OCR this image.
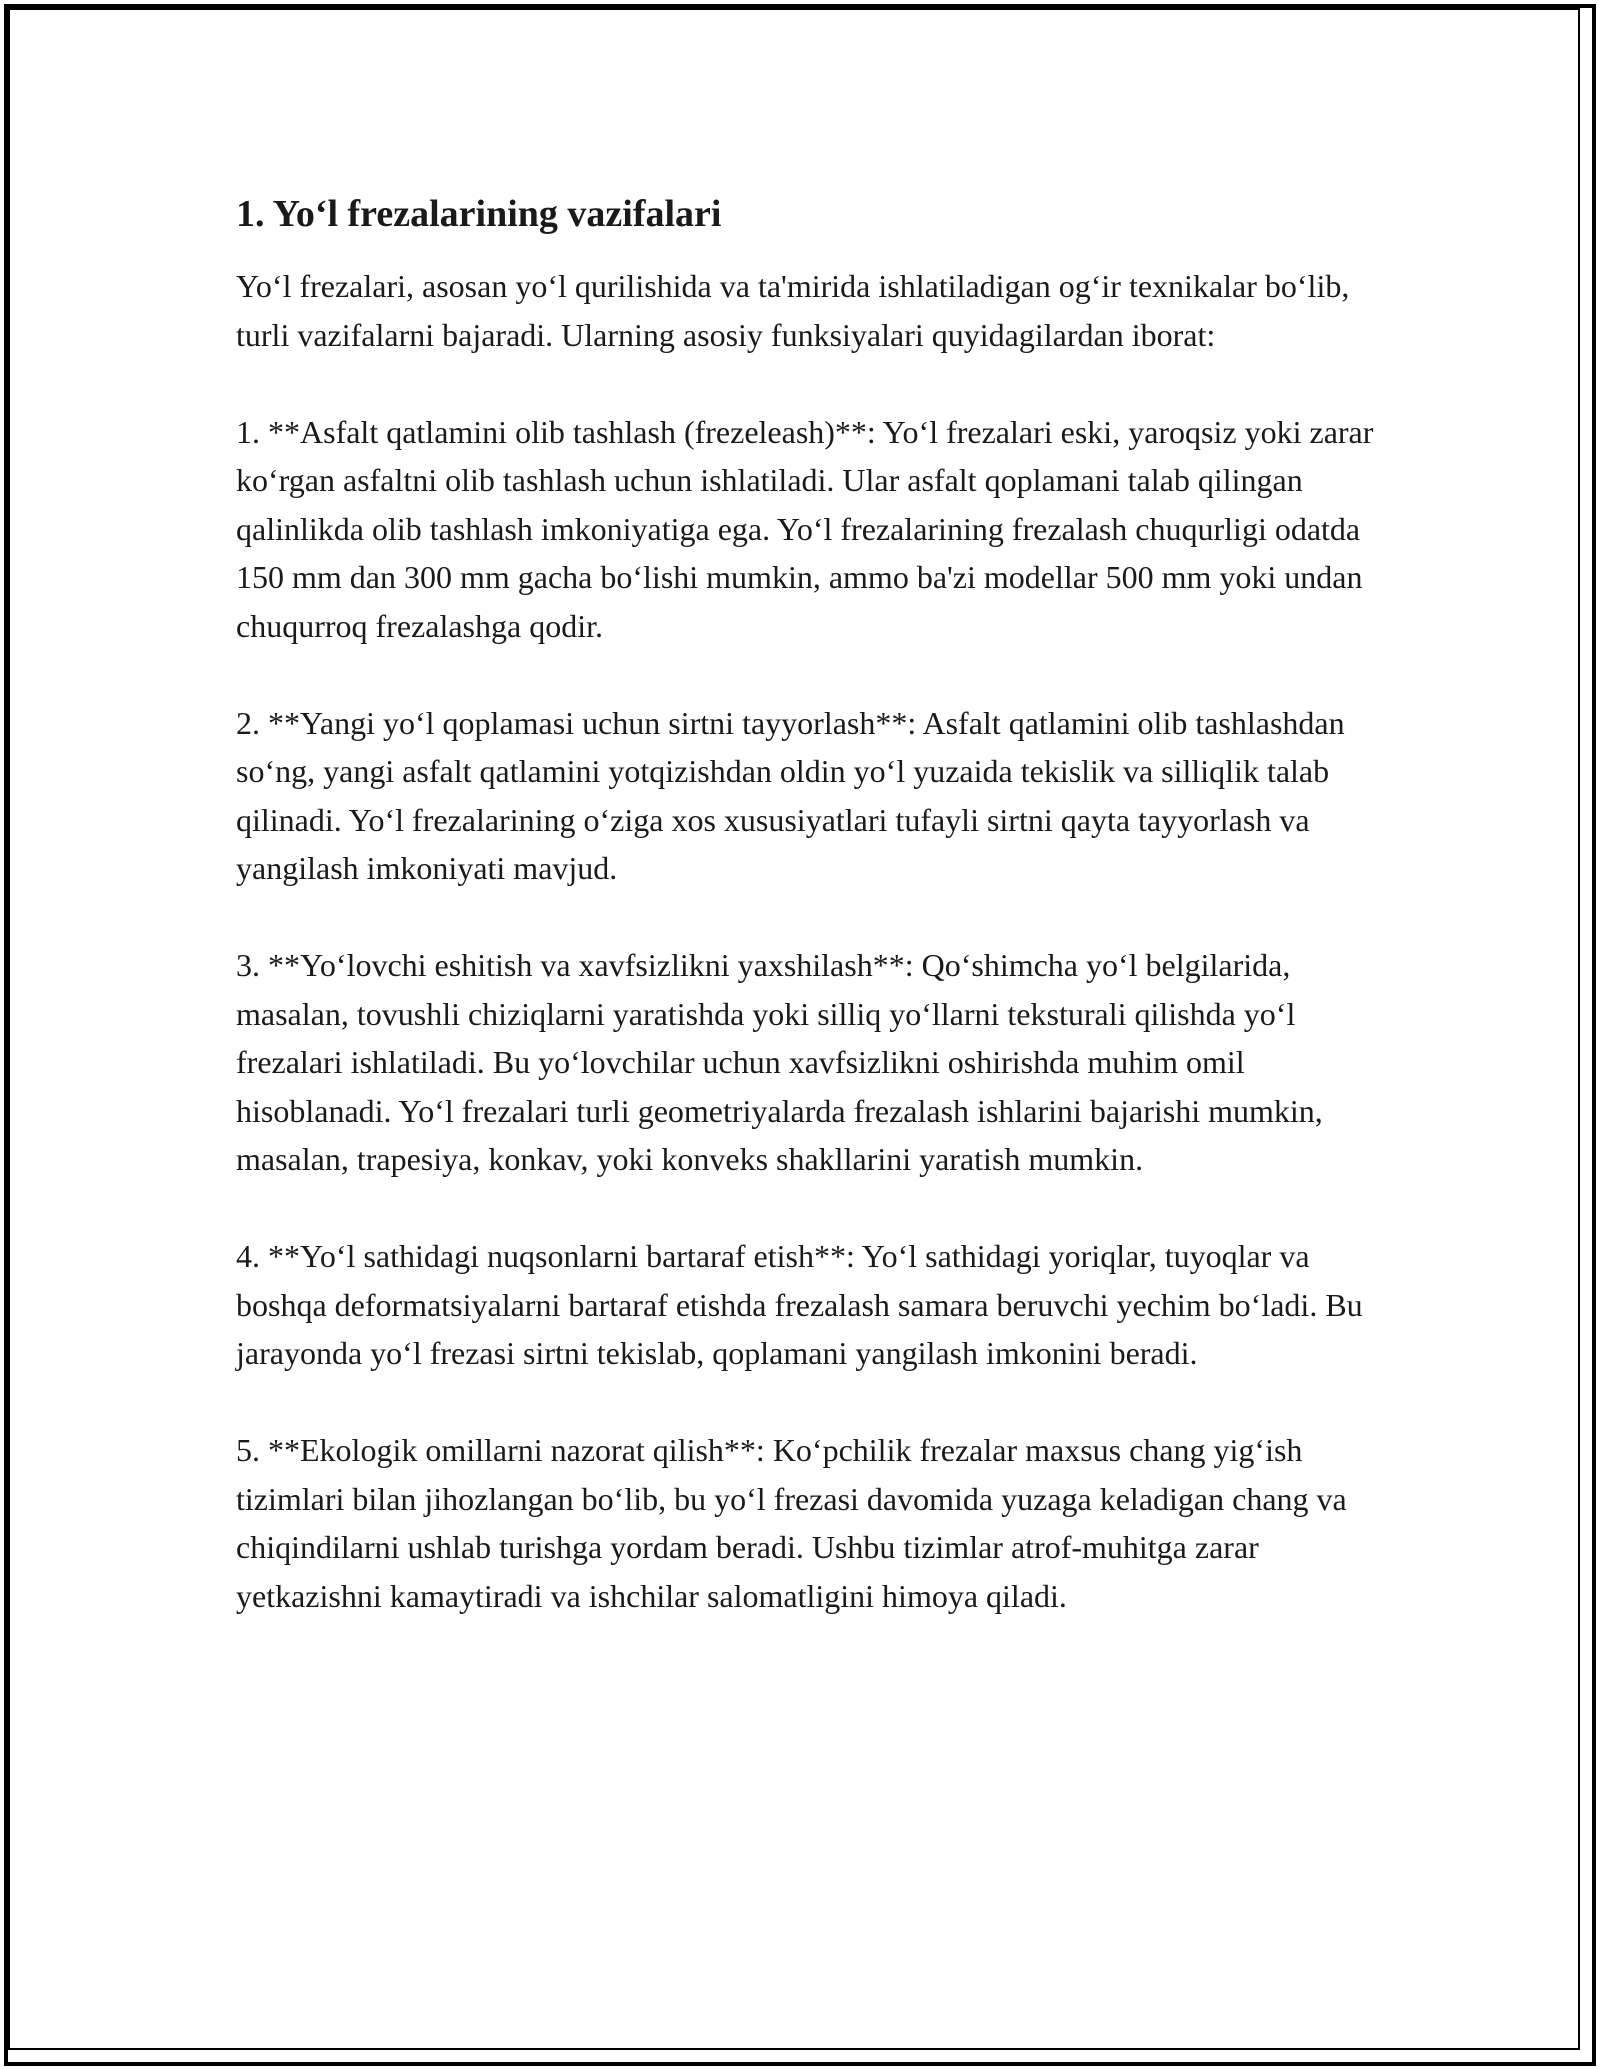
1. Yoʻl frezalarining vazifalari

Yoʻl frezalari, asosan yoʻl qurilishida va ta'mirida ishlatiladigan ogʻir texnikalar boʻlib, turli vazifalarni bajaradi. Ularning asosiy funksiyalari quyidagilardan iborat:

1. **Asfalt qatlamini olib tashlash (frezeleash)**: Yoʻl frezalari eski, yaroqsiz yoki zarar koʻrgan asfaltni olib tashlash uchun ishlatiladi. Ular asfalt qoplamani talab qilingan qalinlikda olib tashlash imkoniyatiga ega. Yoʻl frezalarining frezalash chuqurligi odatda 150 mm dan 300 mm gacha boʻlishi mumkin, ammo ba'zi modellar 500 mm yoki undan chuqurroq frezalashga qodir.

2. **Yangi yoʻl qoplamasi uchun sirtni tayyorlash**: Asfalt qatlamini olib tashlashdan soʻng, yangi asfalt qatlamini yotqizishdan oldin yoʻl yuzaida tekislik va silliqlik talab qilinadi. Yoʻl frezalarining oʻziga xos xususiyatlari tufayli sirtni qayta tayyorlash va yangilash imkoniyati mavjud.

3. **Yoʻlovchi eshitish va xavfsizlikni yaxshilash**: Qoʻshimcha yoʻl belgilarida, masalan, tovushli chiziqlarni yaratishda yoki silliq yoʻllarni teksturali qilishda yoʻl frezalari ishlatiladi. Bu yoʻlovchilar uchun xavfsizlikni oshirishda muhim omil hisoblanadi. Yoʻl frezalari turli geometriyalarda frezalash ishlarini bajarishi mumkin, masalan, trapesiya, konkav, yoki konveks shakllarini yaratish mumkin.

4. **Yoʻl sathidagi nuqsonlarni bartaraf etish**: Yoʻl sathidagi yoriqlar, tuyoqlar va boshqa deformatsiyalarni bartaraf etishda frezalash samara beruvchi yechim boʻladi. Bu jarayonda yoʻl frezasi sirtni tekislab, qoplamani yangilash imkonini beradi.

5. **Ekologik omillarni nazorat qilish**: Koʻpchilik frezalar maxsus chang yigʻish tizimlari bilan jihozlangan boʻlib, bu yoʻl frezasi davomida yuzaga keladigan chang va chiqindilarni ushlab turishga yordam beradi. Ushbu tizimlar atrof-muhitga zarar yetkazishni kamaytiradi va ishchilar salomatligini himoya qiladi.
